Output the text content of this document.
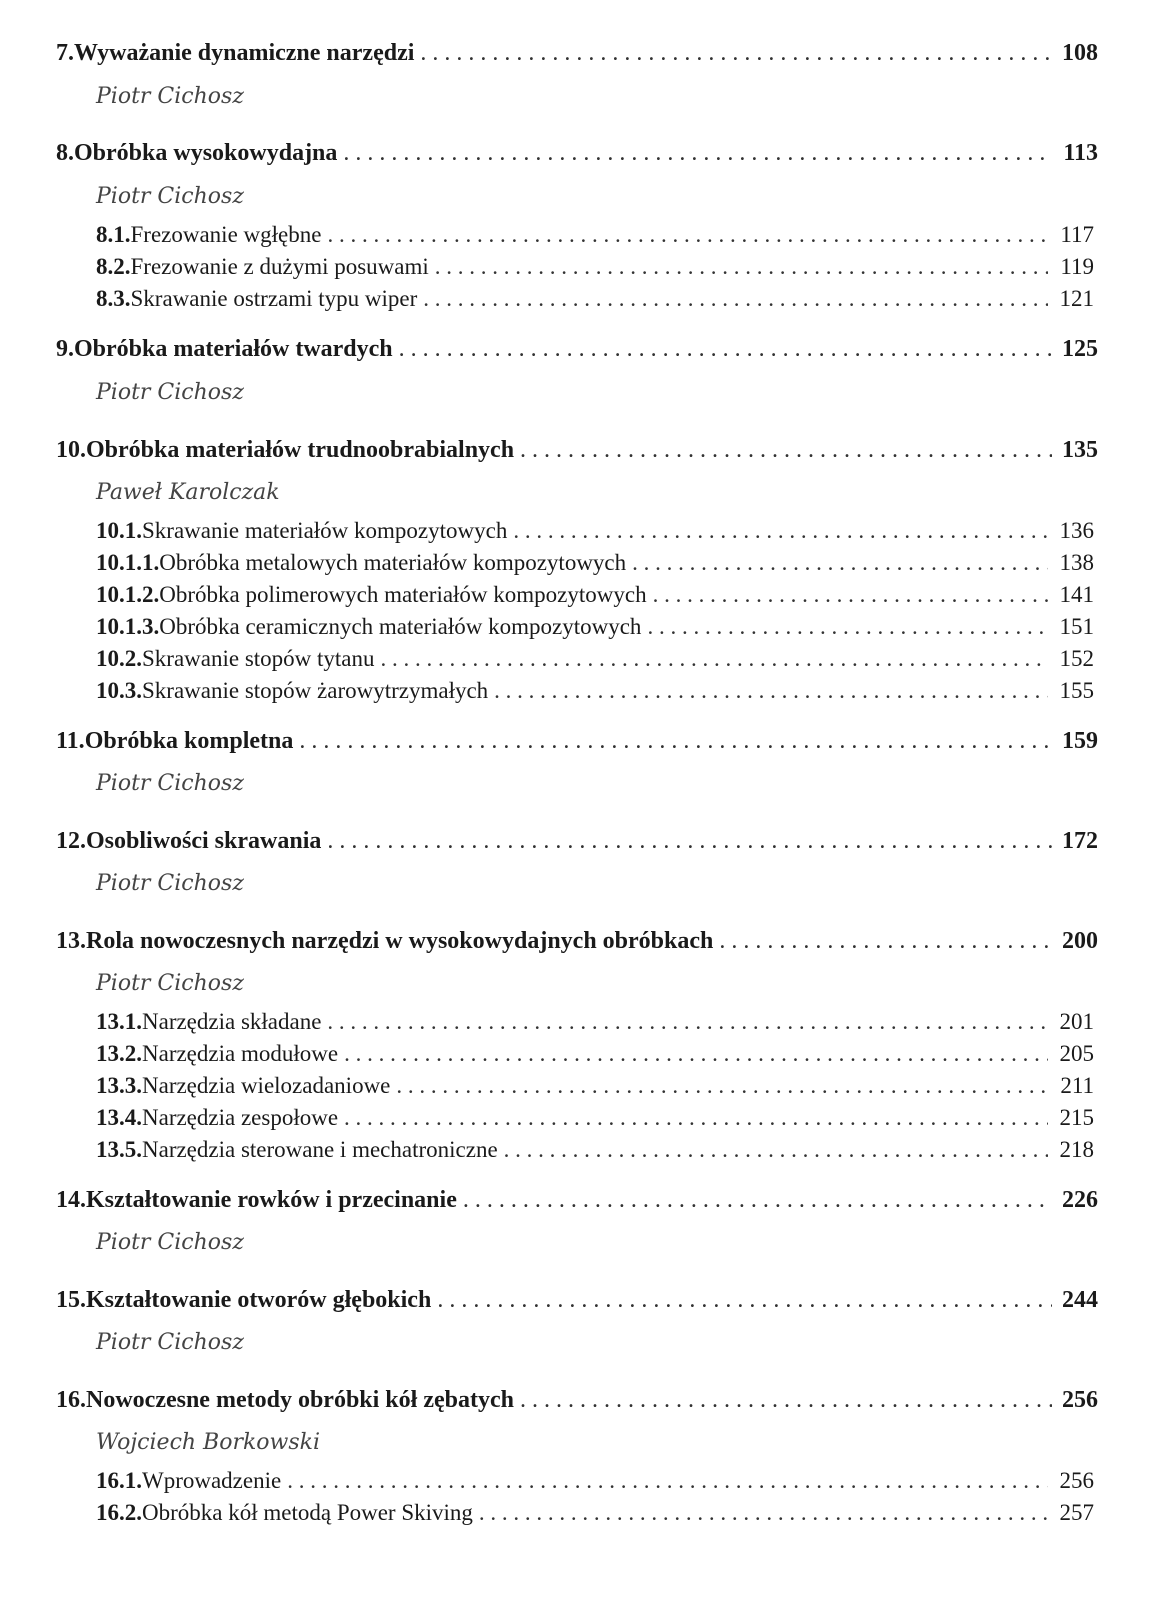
7. Wyważanie dynamiczne narzędzi . . .	108
Piotr Cichosz
8. Obróbka wysokowydajna . . .	113
Piotr Cichosz
8.1. Frezowanie wgłębne . . .	117
8.2. Frezowanie z dużymi posuwami . . .	119
8.3. Skrawanie ostrzami typu wiper . . .	121
9. Obróbka materiałów twardych . . .	125
Piotr Cichosz
10. Obróbka materiałów trudnoobrabialnych . . .	135
Paweł Karolczak
10.1. Skrawanie materiałów kompozytowych . . .	136
10.1.1. Obróbka metalowych materiałów kompozytowych . . .	138
10.1.2. Obróbka polimerowych materiałów kompozytowych . . .	141
10.1.3. Obróbka ceramicznych materiałów kompozytowych . . .	151
10.2. Skrawanie stopów tytanu . . .	152
10.3. Skrawanie stopów żarowytrzymałych . . .	155
11. Obróbka kompletna . . .	159
Piotr Cichosz
12. Osobliwości skrawania . . .	172
Piotr Cichosz
13. Rola nowoczesnych narzędzi w wysokowydajnych obróbkach . . .	200
Piotr Cichosz
13.1. Narzędzia składane . . .	201
13.2. Narzędzia modułowe . . .	205
13.3. Narzędzia wielozadaniowe . . .	211
13.4. Narzędzia zespołowe . . .	215
13.5. Narzędzia sterowane i mechatroniczne . . .	218
14. Kształtowanie rowków i przecinanie . . .	226
Piotr Cichosz
15. Kształtowanie otworów głębokich . . .	244
Piotr Cichosz
16. Nowoczesne metody obróbki kół zębatych . . .	256
Wojciech Borkowski
16.1. Wprowadzenie . . .	256
16.2. Obróbka kół metodą Power Skiving . . .	257
